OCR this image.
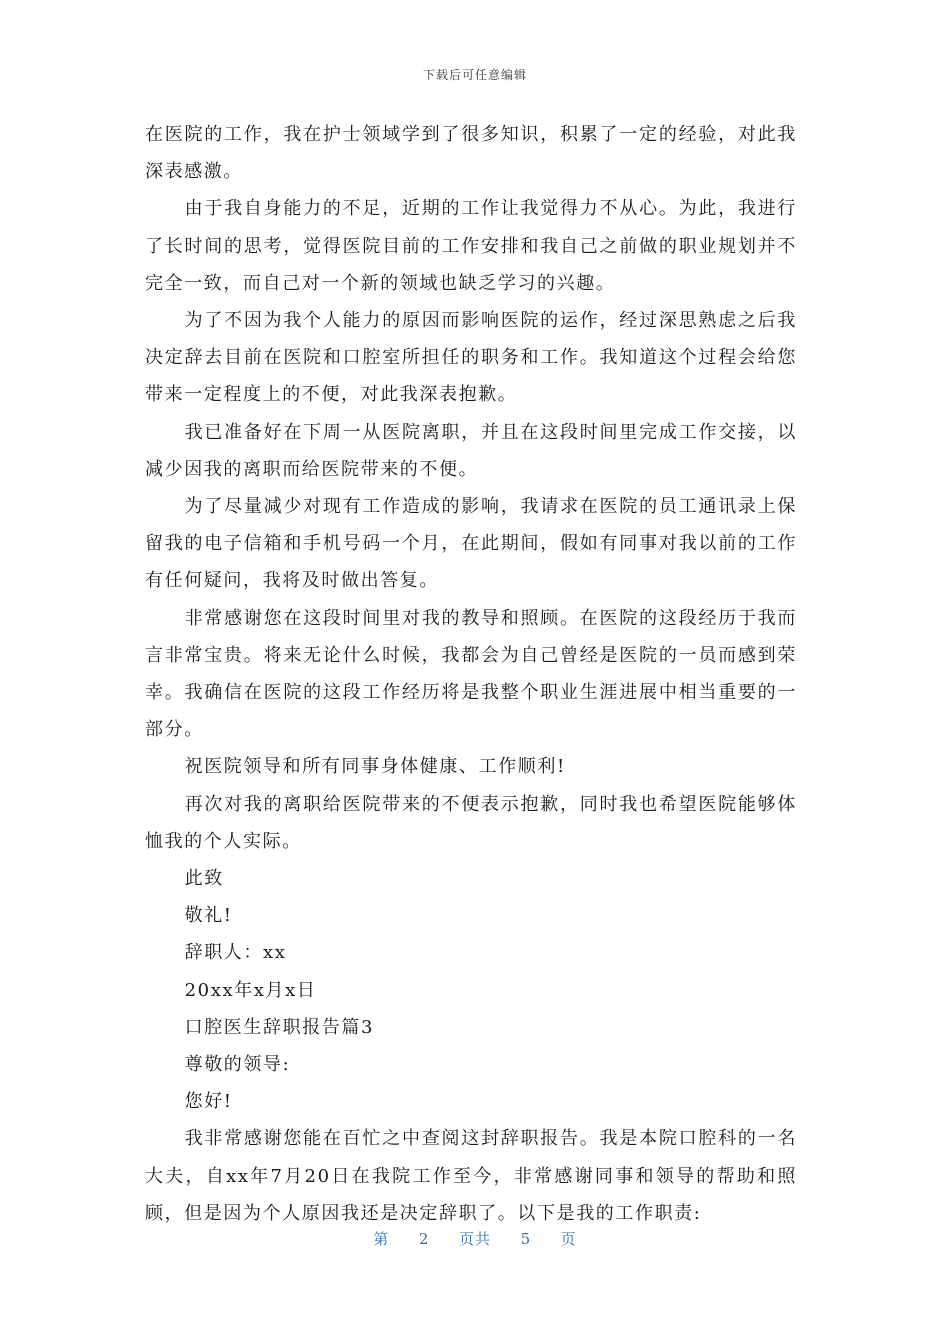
下载后可任意编辑

在医院的工作，我在护士领域学到了很多知识，积累了一定的经验，对此我深表感激。

由于我自身能力的不足，近期的工作让我觉得力不从心。为此，我进行了长时间的思考，觉得医院目前的工作安排和我自己之前做的职业规划并不完全一致，而自己对一个新的领域也缺乏学习的兴趣。

为了不因为我个人能力的原因而影响医院的运作，经过深思熟虑之后我决定辞去目前在医院和口腔室所担任的职务和工作。我知道这个过程会给您带来一定程度上的不便，对此我深表抱歉。

我已准备好在下周一从医院离职，并且在这段时间里完成工作交接，以减少因我的离职而给医院带来的不便。

为了尽量减少对现有工作造成的影响，我请求在医院的员工通讯录上保留我的电子信箱和手机号码一个月，在此期间，假如有同事对我以前的工作有任何疑问，我将及时做出答复。

非常感谢您在这段时间里对我的教导和照顾。在医院的这段经历于我而言非常宝贵。将来无论什么时候，我都会为自己曾经是医院的一员而感到荣幸。我确信在医院的这段工作经历将是我整个职业生涯进展中相当重要的一部分。

祝医院领导和所有同事身体健康、工作顺利!

再次对我的离职给医院带来的不便表示抱歉，同时我也希望医院能够体恤我的个人实际。

此致

敬礼!

辞职人：xx

20xx年x月x日

口腔医生辞职报告篇3

尊敬的领导:

您好!

我非常感谢您能在百忙之中查阅这封辞职报告。我是本院口腔科的一名大夫，自xx年7月20日在我院工作至今，非常感谢同事和领导的帮助和照顾，但是因为个人原因我还是决定辞职了。以下是我的工作职责:

第 2 页共 5 页
